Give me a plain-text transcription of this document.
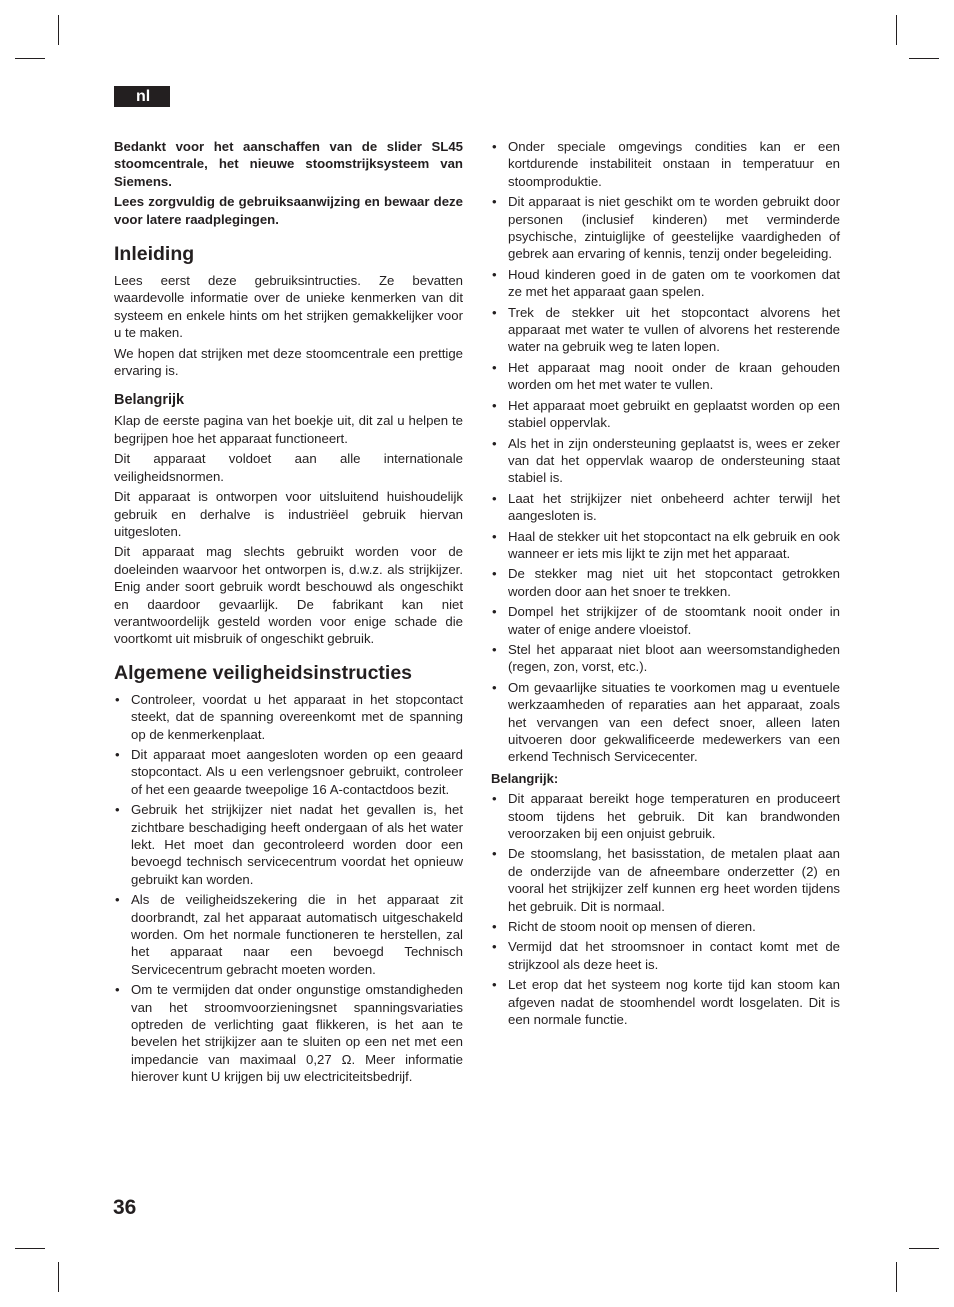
nl

Bedankt voor het aanschaffen van de slider SL45 stoomcentrale, het nieuwe stoomstrijksysteem van Siemens.

Lees zorgvuldig de gebruiksaanwijzing en bewaar deze voor latere raadplegingen.

Inleiding

Lees eerst deze gebruiksintructies. Ze bevatten waardevolle informatie over de unieke kenmerken van dit systeem en enkele hints om het strijken gemakkelijker voor u te maken.

We hopen dat strijken met deze stoomcentrale een prettige ervaring is.

Belangrijk

Klap de eerste pagina van het boekje uit, dit zal u helpen te begrijpen hoe het apparaat functioneert.

Dit apparaat voldoet aan alle internationale veiligheidsnormen.

Dit apparaat is ontworpen voor uitsluitend huishoudelijk gebruik en derhalve is industriëel gebruik hiervan uitgesloten.

Dit apparaat mag slechts gebruikt worden voor de doeleinden waarvoor het ontworpen is, d.w.z. als strijkijzer. Enig ander soort gebruik wordt beschouwd als ongeschikt en daardoor gevaarlijk. De fabrikant kan niet verantwoordelijk gesteld worden voor enige schade die voortkomt uit misbruik of ongeschikt gebruik.

Algemene veiligheidsinstructies
• Controleer, voordat u het apparaat in het stopcontact steekt, dat de spanning overeenkomt met de spanning op de kenmerkenplaat.
• Dit apparaat moet aangesloten worden op een geaard stopcontact. Als u een verlengsnoer gebruikt, controleer of het een geaarde tweepolige 16 A-contactdoos bezit.
• Gebruik het strijkijzer niet nadat het gevallen is, het zichtbare beschadiging heeft ondergaan of als het water lekt. Het moet dan gecontroleerd worden door een bevoegd technisch servicecentrum voordat het opnieuw gebruikt kan worden.
• Als de veiligheidszekering die in het apparaat zit doorbrandt, zal het apparaat automatisch uitgeschakeld worden. Om het normale functioneren te herstellen, zal het apparaat naar een bevoegd Technisch Servicecentrum gebracht moeten worden.
• Om te vermijden dat onder ongunstige omstandigheden van het stroomvoorzieningsnet spanningsvariaties optreden de verlichting gaat flikkeren, is het aan te bevelen het strijkijzer aan te sluiten op een net met een impedancie van maximaal 0,27 Ω. Meer informatie hierover kunt U krijgen bij uw electriciteitsbedrijf.
• Onder speciale omgevings condities kan er een kortdurende instabiliteit onstaan in temperatuur en stoomproduktie.
• Dit apparaat is niet geschikt om te worden gebruikt door personen (inclusief kinderen) met verminderde psychische, zintuiglijke of geestelijke vaardigheden of gebrek aan ervaring of kennis, tenzij onder begeleiding.
• Houd kinderen goed in de gaten om te voorkomen dat ze met het apparaat gaan spelen.
• Trek de stekker uit het stopcontact alvorens het apparaat met water te vullen of alvorens het resterende water na gebruik weg te laten lopen.
• Het apparaat mag nooit onder de kraan gehouden worden om het met water te vullen.
• Het apparaat moet gebruikt en geplaatst worden op een stabiel oppervlak.
• Als het in zijn ondersteuning geplaatst is, wees er zeker van dat het oppervlak waarop de ondersteuning staat stabiel is.
• Laat het strijkijzer niet onbeheerd achter terwijl het aangesloten is.
• Haal de stekker uit het stopcontact na elk gebruik en ook wanneer er iets mis lijkt te zijn met het apparaat.
• De stekker mag niet uit het stopcontact getrokken worden door aan het snoer te trekken.
• Dompel het strijkijzer of de stoomtank nooit onder in water of enige andere vloeistof.
• Stel het apparaat niet bloot aan weersomstandigheden (regen, zon, vorst, etc.).
• Om gevaarlijke situaties te voorkomen mag u eventuele werkzaamheden of reparaties aan het apparaat, zoals het vervangen van een defect snoer, alleen laten uitvoeren door gekwalificeerde medewerkers van een erkend Technisch Servicecenter.

Belangrijk:

• Dit apparaat bereikt hoge temperaturen en produceert stoom tijdens het gebruik. Dit kan brandwonden veroorzaken bij een onjuist gebruik.
• De stoomslang, het basisstation, de metalen plaat aan de onderzijde van de afneembare onderzetter (2) en vooral het strijkijzer zelf kunnen erg heet worden tijdens het gebruik. Dit is normaal.
• Richt de stoom nooit op mensen of dieren.
• Vermijd dat het stroomsnoer in contact komt met de strijkzool als deze heet is.
• Let erop dat het systeem nog korte tijd kan stoom kan afgeven nadat de stoomhendel wordt losgelaten. Dit is een normale functie.
36
